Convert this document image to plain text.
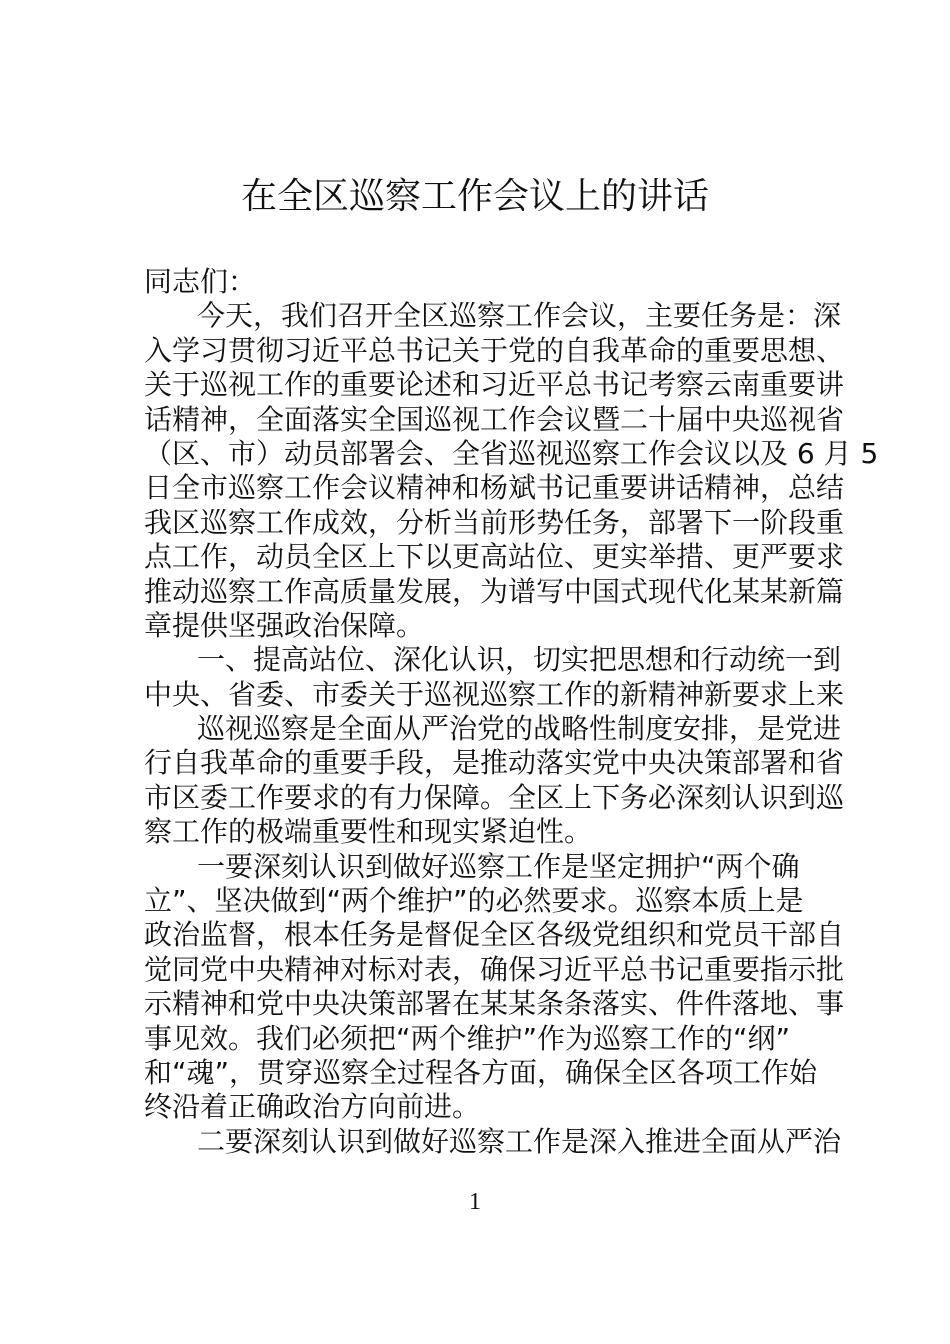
在全区巡察工作会议上的讲话
同志们：
今天，我们召开全区巡察工作会议，主要任务是：深
入学习贯彻习近平总书记关于党的自我革命的重要思想、
关于巡视工作的重要论述和习近平总书记考察云南重要讲
话精神，全面落实全国巡视工作会议暨二十届中央巡视省
（区、市）动员部署会、全省巡视巡察工作会议以及 6 月 5
日全市巡察工作会议精神和杨斌书记重要讲话精神，总结
我区巡察工作成效，分析当前形势任务，部署下一阶段重
点工作，动员全区上下以更高站位、更实举措、更严要求
推动巡察工作高质量发展，为谱写中国式现代化某某新篇
章提供坚强政治保障。
一、提高站位、深化认识，切实把思想和行动统一到
中央、省委、市委关于巡视巡察工作的新精神新要求上来
巡视巡察是全面从严治党的战略性制度安排，是党进
行自我革命的重要手段，是推动落实党中央决策部署和省
市区委工作要求的有力保障。全区上下务必深刻认识到巡
察工作的极端重要性和现实紧迫性。
一要深刻认识到做好巡察工作是坚定拥护“两个确
立”、坚决做到“两个维护”的必然要求。巡察本质上是
政治监督，根本任务是督促全区各级党组织和党员干部自
觉同党中央精神对标对表，确保习近平总书记重要指示批
示精神和党中央决策部署在某某条条落实、件件落地、事
事见效。我们必须把“两个维护”作为巡察工作的“纲”
和“魂”，贯穿巡察全过程各方面，确保全区各项工作始
终沿着正确政治方向前进。
二要深刻认识到做好巡察工作是深入推进全面从严治
1
